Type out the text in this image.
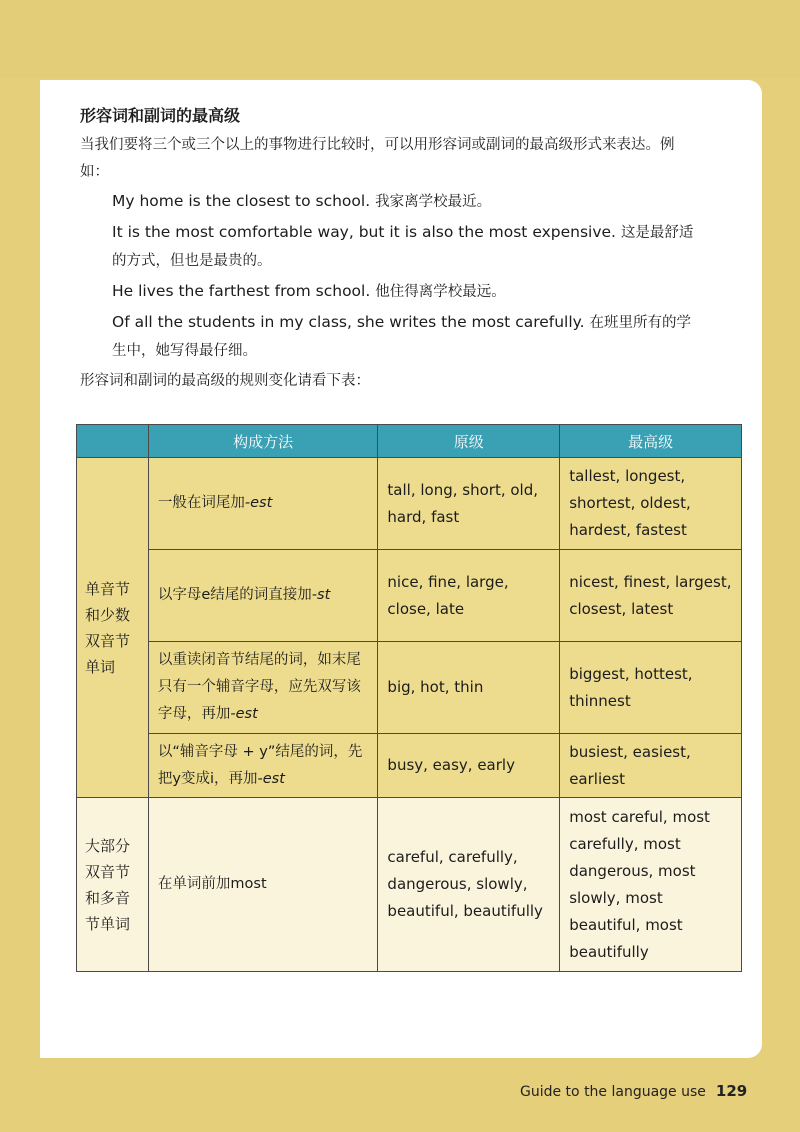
形容词和副词的最高级
当我们要将三个或三个以上的事物进行比较时，可以用形容词或副词的最高级形式来表达。例如：
My home is the closest to school. 我家离学校最近。
It is the most comfortable way, but it is also the most expensive. 这是最舒适的方式，但也是最贵的。
He lives the farthest from school. 他住得离学校最远。
Of all the students in my class, she writes the most carefully. 在班里所有的学生中，她写得最仔细。
形容词和副词的最高级的规则变化请看下表：
	构成方法	原级	最高级
单音节和少数双音节单词	一般在词尾加-est	tall, long, short, old, hard, fast	tallest, longest, shortest, oldest, hardest, fastest
	以字母e结尾的词直接加-st	nice, fine, large, close, late	nicest, finest, largest, closest, latest
	以重读闭音节结尾的词，如末尾只有一个辅音字母，应先双写该字母，再加-est	big, hot, thin	biggest, hottest, thinnest
	以“辅音字母 + y”结尾的词，先把y变成i，再加-est	busy, easy, early	busiest, easiest, earliest
大部分双音节和多音节单词	在单词前加most	careful, carefully, dangerous, slowly, beautiful, beautifully	most careful, most carefully, most dangerous, most slowly, most beautiful, most beautifully
Guide to the language use 129
